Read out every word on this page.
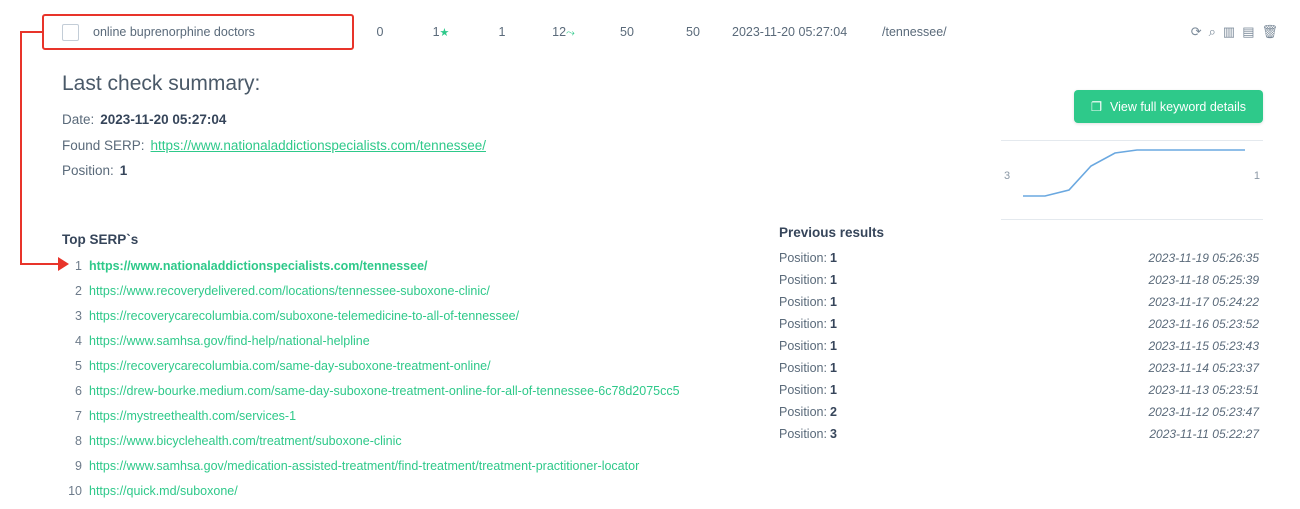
online buprenorphine doctors	0	1★	1	12⤳	50	50	2023-11-20 05:27:04	/tennessee/	⟳ ⌕ ▥ ▤ 🗑
Last check summary:
Date: 2023-11-20 05:27:04
Found SERP: https://www.nationaladdictionspecialists.com/tennessee/
Position: 1
❐ View full keyword details
3	1
Top SERP`s
1 https://www.nationaladdictionspecialists.com/tennessee/
2 https://www.recoverydelivered.com/locations/tennessee-suboxone-clinic/
3 https://recoverycarecolumbia.com/suboxone-telemedicine-to-all-of-tennessee/
4 https://www.samhsa.gov/find-help/national-helpline
5 https://recoverycarecolumbia.com/same-day-suboxone-treatment-online/
6 https://drew-bourke.medium.com/same-day-suboxone-treatment-online-for-all-of-tennessee-6c78d2075cc5
7 https://mystreethealth.com/services-1
8 https://www.bicyclehealth.com/treatment/suboxone-clinic
9 https://www.samhsa.gov/medication-assisted-treatment/find-treatment/treatment-practitioner-locator
10 https://quick.md/suboxone/
Previous results
Position: 1	2023-11-19 05:26:35
Position: 1	2023-11-18 05:25:39
Position: 1	2023-11-17 05:24:22
Position: 1	2023-11-16 05:23:52
Position: 1	2023-11-15 05:23:43
Position: 1	2023-11-14 05:23:37
Position: 1	2023-11-13 05:23:51
Position: 2	2023-11-12 05:23:47
Position: 3	2023-11-11 05:22:27
